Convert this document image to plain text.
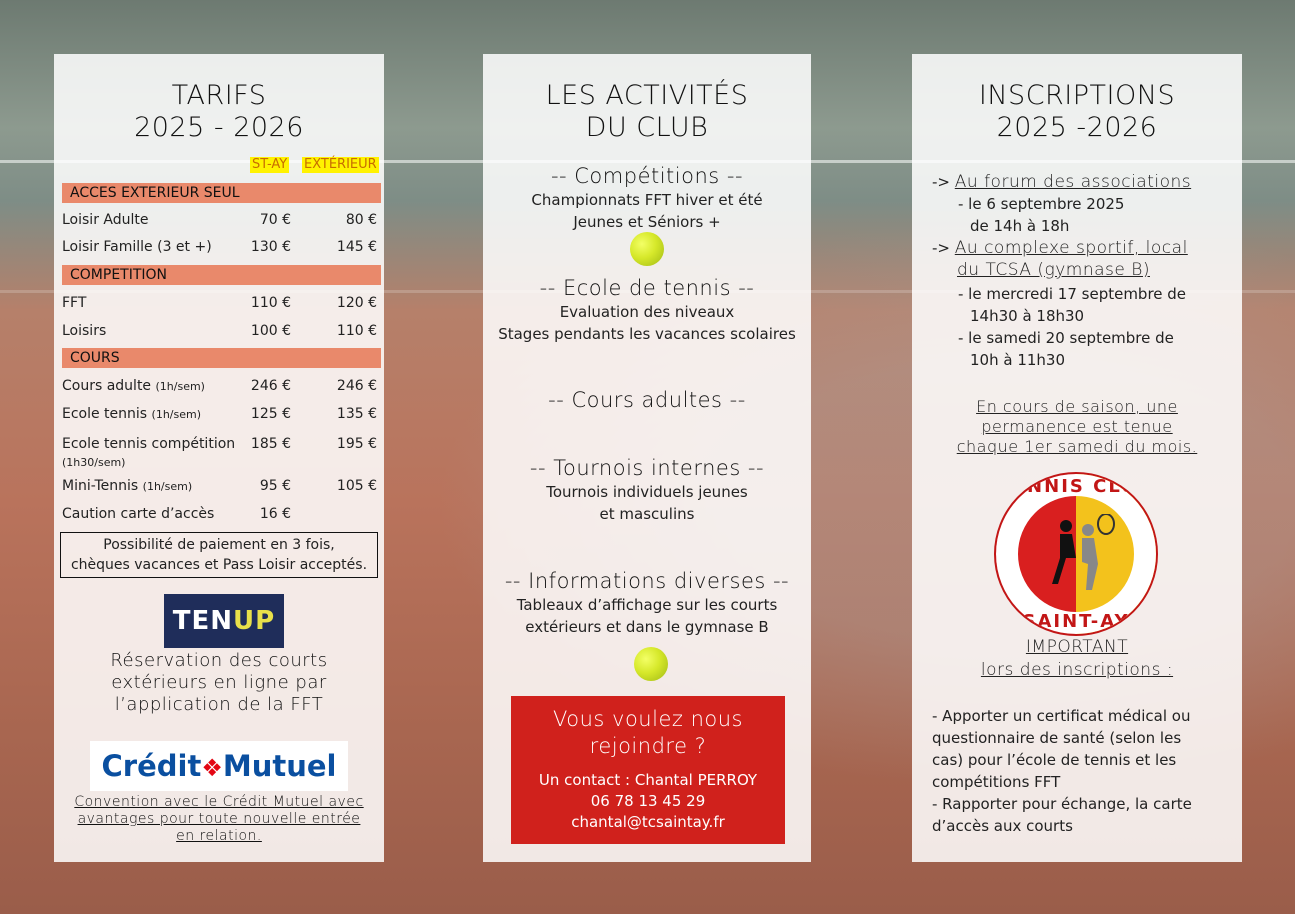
TARIFS
2025 - 2026
ST-AY EXTÉRIEUR
ACCES EXTERIEUR SEUL
Loisir Adulte	70 €	80 €
Loisir Famille (3 et +)	130 €	145 €
COMPETITION
FFT	110 €	120 €
Loisirs	100 €	110 €
COURS
Cours adulte (1h/sem)	246 €	246 €
Ecole tennis (1h/sem)	125 €	135 €
Ecole tennis compétition
(1h30/sem)
185 €	195 €
Mini-Tennis (1h/sem)	95 €	105 €
Caution carte d’accès	16 €
Possibilité de paiement en 3 fois,
chèques vacances et Pass Loisir acceptés.
TENUP
Réservation des courts
extérieurs en ligne par
l’application de la FFT
Crédit❖Mutuel
Convention avec le Crédit Mutuel avec
avantages pour toute nouvelle entrée
en relation.
LES ACTIVITÉS
DU CLUB
-- Compétitions --
Championnats FFT hiver et été
Jeunes et Séniors +
-- Ecole de tennis --
Evaluation des niveaux
Stages pendants les vacances scolaires
-- Cours adultes --
-- Tournois internes --
Tournois individuels jeunes
et masculins
-- Informations diverses --
Tableaux d’affichage sur les courts
extérieurs et dans le gymnase B
Vous voulez nous
rejoindre ?
Un contact : Chantal PERROY
06 78 13 45 29
chantal@tcsaintay.fr
INSCRIPTIONS
2025 -2026
-> Au forum des associations
- le 6 septembre 2025
de 14h à 18h
-> Au complexe sportif, local
du TCSA (gymnase B)
- le mercredi 17 septembre de
14h30 à 18h30
- le samedi 20 septembre de
10h à 11h30
En cours de saison, une
permanence est tenue
chaque 1er samedi du mois.
TENNIS CLUB
SAINT-AY
IMPORTANT
lors des inscriptions :
- Apporter un certificat médical ou
questionnaire de santé (selon les
cas) pour l’école de tennis et les
compétitions FFT
- Rapporter pour échange, la carte
d’accès aux courts
